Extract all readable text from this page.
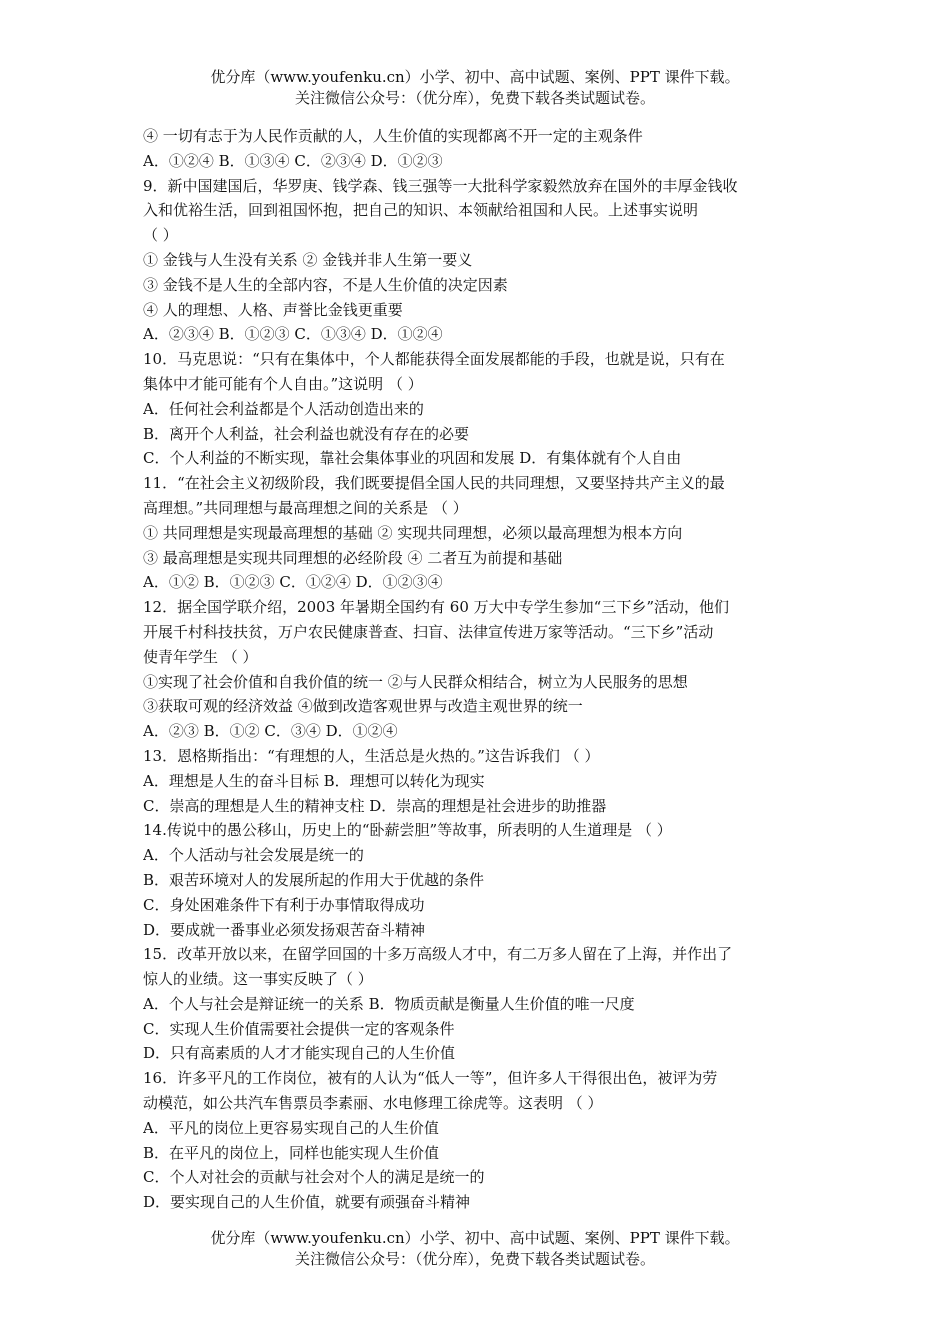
优分库（www.youfenku.cn）小学、初中、高中试题、案例、PPT 课件下载。
关注微信公众号：（优分库），免费下载各类试题试卷。
④ 一切有志于为人民作贡献的人，人生价值的实现都离不开一定的主观条件
A．①②④ B．①③④ C．②③④ D．①②③
9．新中国建国后，华罗庚、钱学森、钱三强等一大批科学家毅然放弃在国外的丰厚金钱收
入和优裕生活，回到祖国怀抱，把自己的知识、本领献给祖国和人民。上述事实说明
（ ）
① 金钱与人生没有关系 ② 金钱并非人生第一要义
③ 金钱不是人生的全部内容，不是人生价值的决定因素
④ 人的理想、人格、声誉比金钱更重要
A．②③④ B．①②③ C．①③④ D．①②④
10．马克思说：“只有在集体中，个人都能获得全面发展都能的手段，也就是说，只有在
集体中才能可能有个人自由。”这说明 （ ）
A．任何社会利益都是个人活动创造出来的
B．离开个人利益，社会利益也就没有存在的必要
C．个人利益的不断实现，靠社会集体事业的巩固和发展 D．有集体就有个人自由
11．“在社会主义初级阶段，我们既要提倡全国人民的共同理想，又要坚持共产主义的最
高理想。”共同理想与最高理想之间的关系是 （ ）
① 共同理想是实现最高理想的基础 ② 实现共同理想，必须以最高理想为根本方向
③ 最高理想是实现共同理想的必经阶段 ④ 二者互为前提和基础
A．①② B．①②③ C．①②④ D．①②③④
12．据全国学联介绍，2003 年暑期全国约有 60 万大中专学生参加“三下乡”活动，他们
开展千村科技扶贫，万户农民健康普查、扫盲、法律宣传进万家等活动。“三下乡”活动
使青年学生 （ ）
①实现了社会价值和自我价值的统一 ②与人民群众相结合，树立为人民服务的思想
③获取可观的经济效益 ④做到改造客观世界与改造主观世界的统一
A．②③ B．①② C．③④ D．①②④
13．恩格斯指出：“有理想的人，生活总是火热的。”这告诉我们 （ ）
A．理想是人生的奋斗目标 B．理想可以转化为现实
C．崇高的理想是人生的精神支柱 D．崇高的理想是社会进步的助推器
14.传说中的愚公移山，历史上的“卧薪尝胆”等故事，所表明的人生道理是 （ ）
A．个人活动与社会发展是统一的
B．艰苦环境对人的发展所起的作用大于优越的条件
C．身处困难条件下有利于办事情取得成功
D．要成就一番事业必须发扬艰苦奋斗精神
15．改革开放以来，在留学回国的十多万高级人才中，有二万多人留在了上海，并作出了
惊人的业绩。这一事实反映了（ ）
A．个人与社会是辩证统一的关系 B．物质贡献是衡量人生价值的唯一尺度
C．实现人生价值需要社会提供一定的客观条件
D．只有高素质的人才才能实现自己的人生价值
16．许多平凡的工作岗位，被有的人认为“低人一等”，但许多人干得很出色，被评为劳
动模范，如公共汽车售票员李素丽、水电修理工徐虎等。这表明 （ ）
A．平凡的岗位上更容易实现自己的人生价值
B．在平凡的岗位上，同样也能实现人生价值
C．个人对社会的贡献与社会对个人的满足是统一的
D．要实现自己的人生价值，就要有顽强奋斗精神
优分库（www.youfenku.cn）小学、初中、高中试题、案例、PPT 课件下载。
关注微信公众号：（优分库），免费下载各类试题试卷。
